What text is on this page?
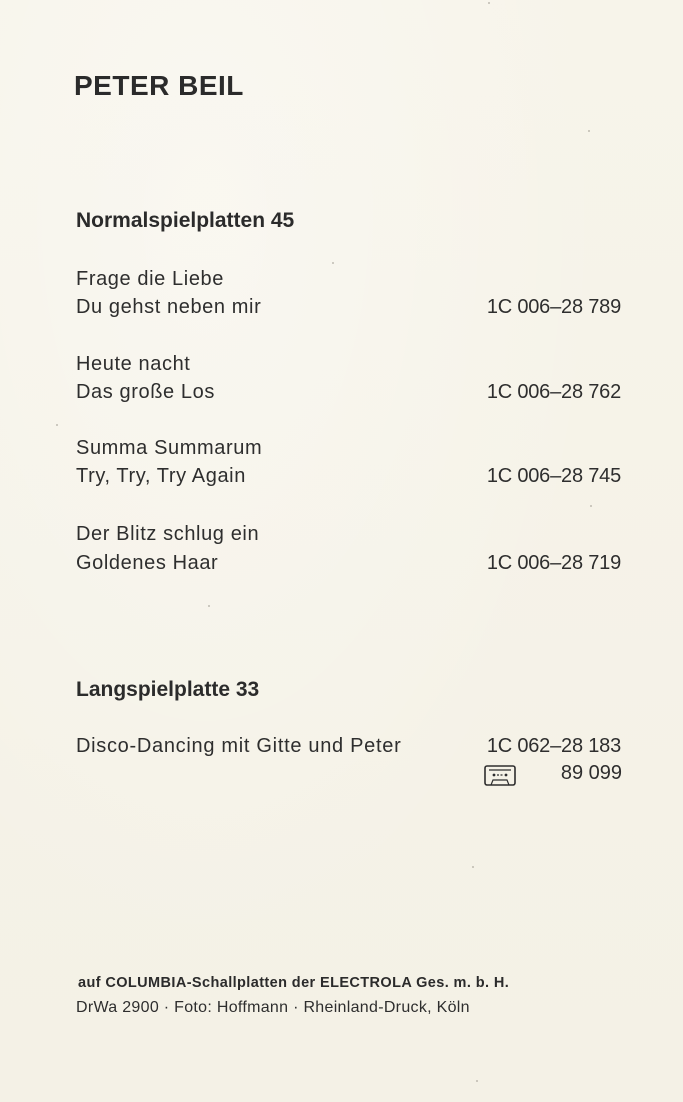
PETER BEIL
Normalspielplatten 45
Frage die Liebe
Du gehst neben mir	1C 006–28 789
Heute nacht
Das große Los	1C 006–28 762
Summa Summarum
Try, Try, Try Again	1C 006–28 745
Der Blitz schlug ein
Goldenes Haar	1C 006–28 719
Langspielplatte 33
Disco-Dancing mit Gitte und Peter	1C 062–28 183
89 099
auf COLUMBIA-Schallplatten der ELECTROLA Ges. m. b. H.
DrWa 2900 · Foto: Hoffmann · Rheinland-Druck, Köln
